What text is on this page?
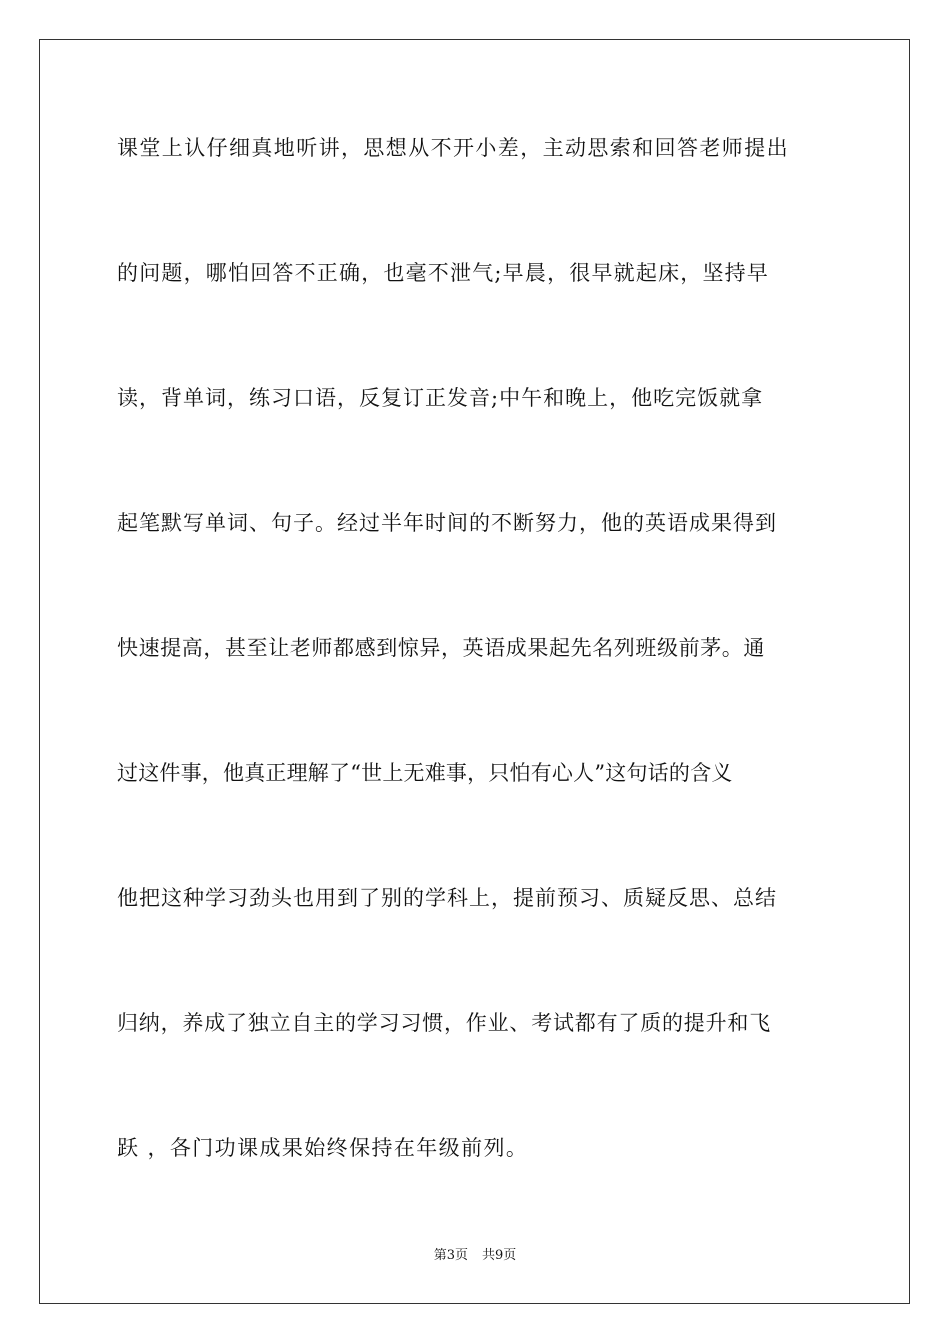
课堂上认仔细真地听讲，思想从不开小差，主动思索和回答老师提出
的问题，哪怕回答不正确，也毫不泄气;早晨，很早就起床，坚持早
读，背单词，练习口语，反复订正发音;中午和晚上，他吃完饭就拿
起笔默写单词、句子。经过半年时间的不断努力，他的英语成果得到
快速提高，甚至让老师都感到惊异，英语成果起先名列班级前茅。通
过这件事，他真正理解了“世上无难事，只怕有心人”这句话的含义
他把这种学习劲头也用到了别的学科上，提前预习、质疑反思、总结
归纳，养成了独立自主的学习习惯，作业、考试都有了质的提升和飞
跃 ，各门功课成果始终保持在年级前列。
第3页 共9页
